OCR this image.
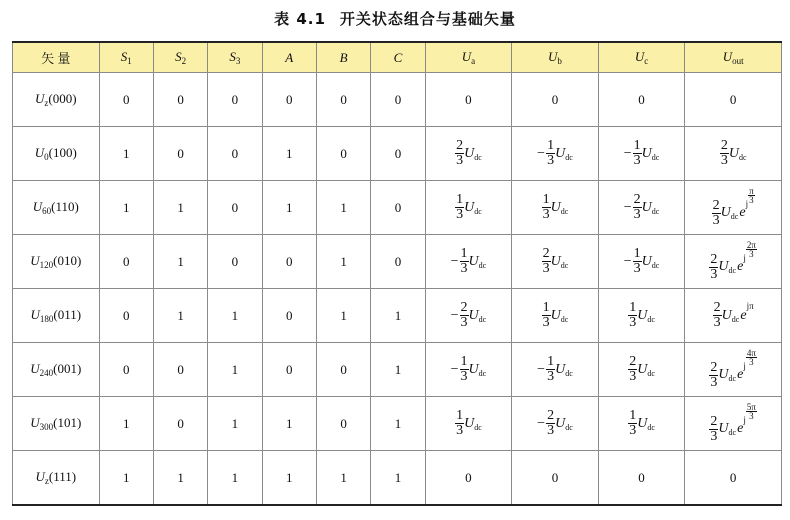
表 4.1 开关状态组合与基础矢量
矢 量	$S_1$	$S_2$	$S_3$	A	B	C	$U_a$	$U_b$	$U_c$	$U_{out}$
$U_z(000)$	0	0	0	0	0	0	0	0	0	0
$U_0(100)$	1	0	0	1	0	0	$\frac{2}{3} U_{dc}$	− $\frac{1}{3} U_{dc}$	− $\frac{1}{3} U_{dc}$	$\frac{2}{3} U_{dc}$
$U_{60}(110)$	1	1	0	1	1	0	$\frac{1}{3} U_{dc}$	$\frac{1}{3} U_{dc}$	− $\frac{2}{3} U_{dc}$	$\frac{2}{3} U_{dc}ej \frac{\pi}{3}$

$U_{120}(010)$	0	1	0	0	1	0	− $\frac{1}{3} U_{dc}$	$\frac{2}{3} U_{dc}$	− $\frac{1}{3} U_{dc}$	$\frac{2}{3} U_{dc}ej \frac{2\pi}{3}$

$U_{180}(011)$	0	1	1	0	1	1	− $\frac{2}{3} U_{dc}$	$\frac{1}{3} U_{dc}$	$\frac{1}{3} U_{dc}$	$\frac{2}{3} U_{dc}ej\pi$
$U_{240}(001)$	0	0	1	0	0	1	− $\frac{1}{3} U_{dc}$	− $\frac{1}{3} U_{dc}$	$\frac{2}{3} U_{dc}$	$\frac{2}{3} U_{dc}ej \frac{4\pi}{3}$

$U_{300}(101)$	1	0	1	1	0	1	$\frac{1}{3} U_{dc}$	− $\frac{2}{3} U_{dc}$	$\frac{1}{3} U_{dc}$	$\frac{2}{3} U_{dc}ej \frac{5\pi}{3}$

$U_z(111)$	1	1	1	1	1	1	0	0	0	0
